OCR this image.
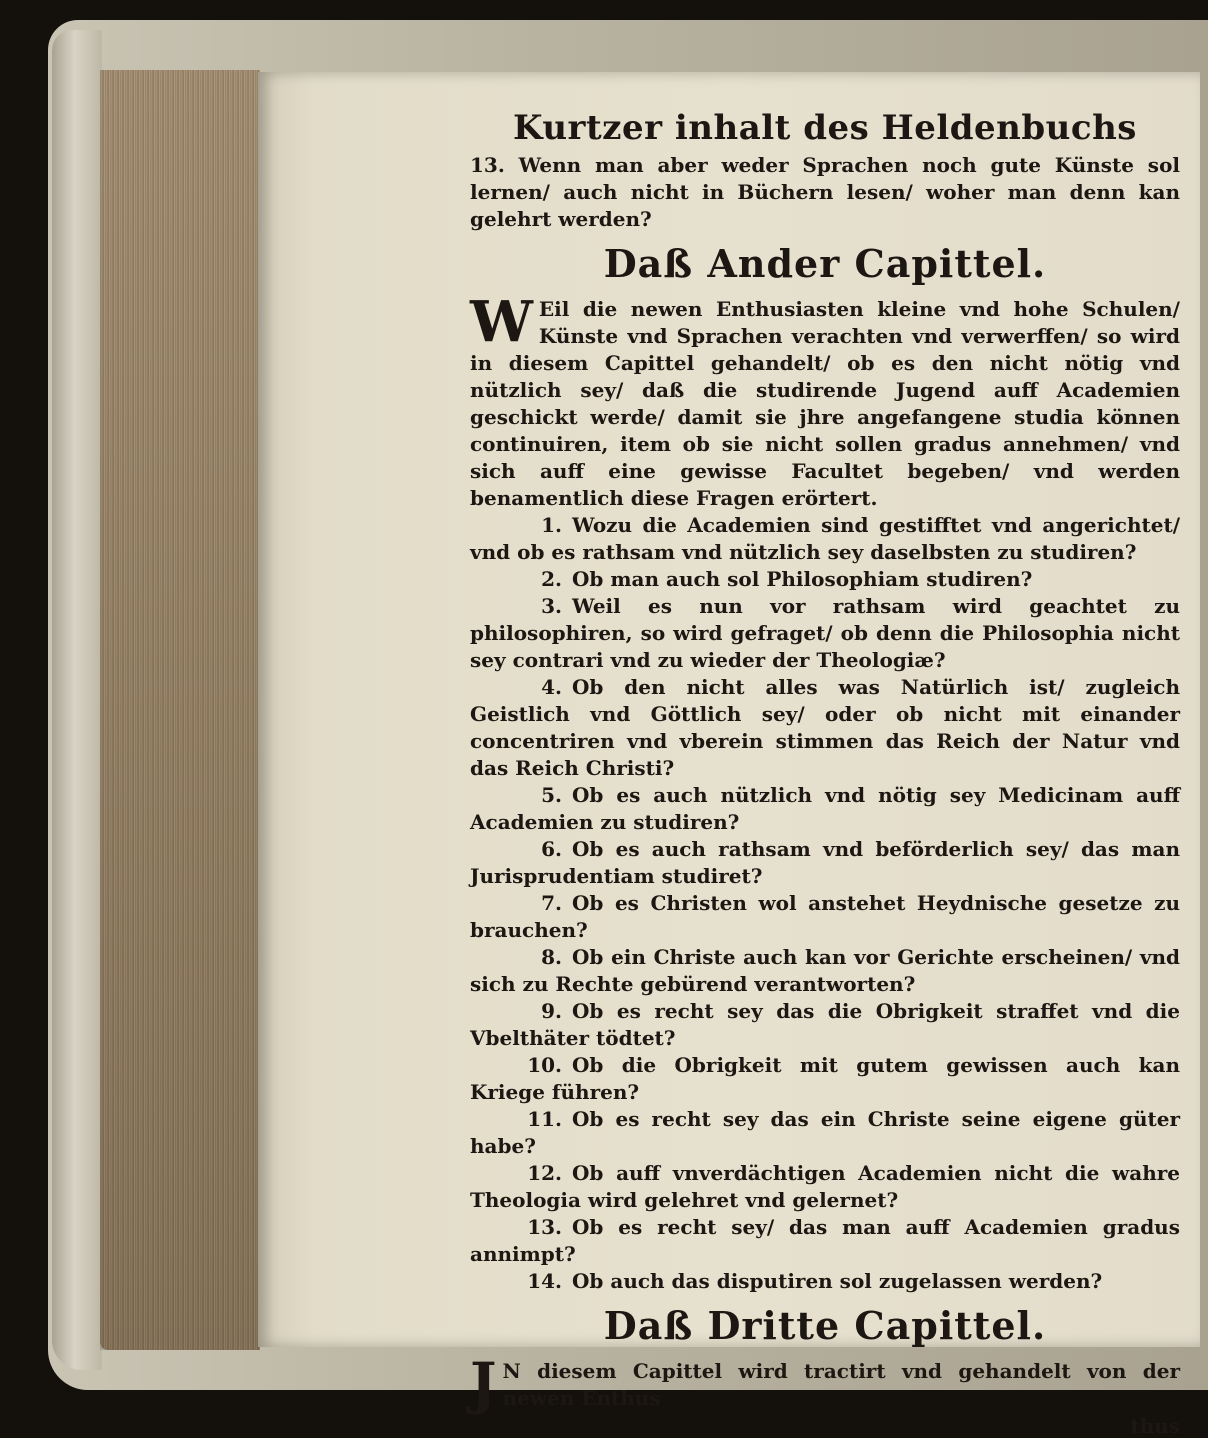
Kurtzer inhalt des Heldenbuchs

13. Wenn man aber weder Sprachen noch gute Künste sol lernen/ auch nicht in Büchern lesen/ woher man denn kan gelehrt werden?

Daß Ander Capittel.

W Eil die newen Enthusiasten kleine vnd hohe Schulen/ Künste vnd Sprachen verachten vnd verwerffen/ so wird in diesem Capittel gehandelt/ ob es den nicht nötig vnd nützlich sey/ daß die studirende Jugend auff Academien geschickt werde/ damit sie jhre angefangene studia können continuiren, item ob sie nicht sollen gradus annehmen/ vnd sich auff eine gewisse Facultet begeben/ vnd werden benamentlich diese Fragen erörtert.

1. Wozu die Academien sind gestifftet vnd angerichtet/ vnd ob es rathsam vnd nützlich sey daselbsten zu studiren?

2. Ob man auch sol Philosophiam studiren?

3. Weil es nun vor rathsam wird geachtet zu philosophiren, so wird gefraget/ ob denn die Philosophia nicht sey contrari vnd zu wieder der Theologiæ?

4. Ob den nicht alles was Natürlich ist/ zugleich Geistlich vnd Göttlich sey/ oder ob nicht mit einander concentriren vnd vberein stimmen das Reich der Natur vnd das Reich Christi?

5. Ob es auch nützlich vnd nötig sey Medicinam auff Academien zu studiren?

6. Ob es auch rathsam vnd beförderlich sey/ das man Jurisprudentiam studiret?

7. Ob es Christen wol anstehet Heydnische gesetze zu brauchen?

8. Ob ein Christe auch kan vor Gerichte erscheinen/ vnd sich zu Rechte gebürend verantworten?

9. Ob es recht sey das die Obrigkeit straffet vnd die Vbelthäter tödtet?

10. Ob die Obrigkeit mit gutem gewissen auch kan Kriege führen?

11. Ob es recht sey das ein Christe seine eigene güter habe?

12. Ob auff vnverdächtigen Academien nicht die wahre Theologia wird gelehret vnd gelernet?

13. Ob es recht sey/ das man auff Academien gradus annimpt?

14. Ob auch das disputiren sol zugelassen werden?

Daß Dritte Capittel.

J N diesem Capittel wird tractirt vnd gehandelt von der newen Enthus

thus
